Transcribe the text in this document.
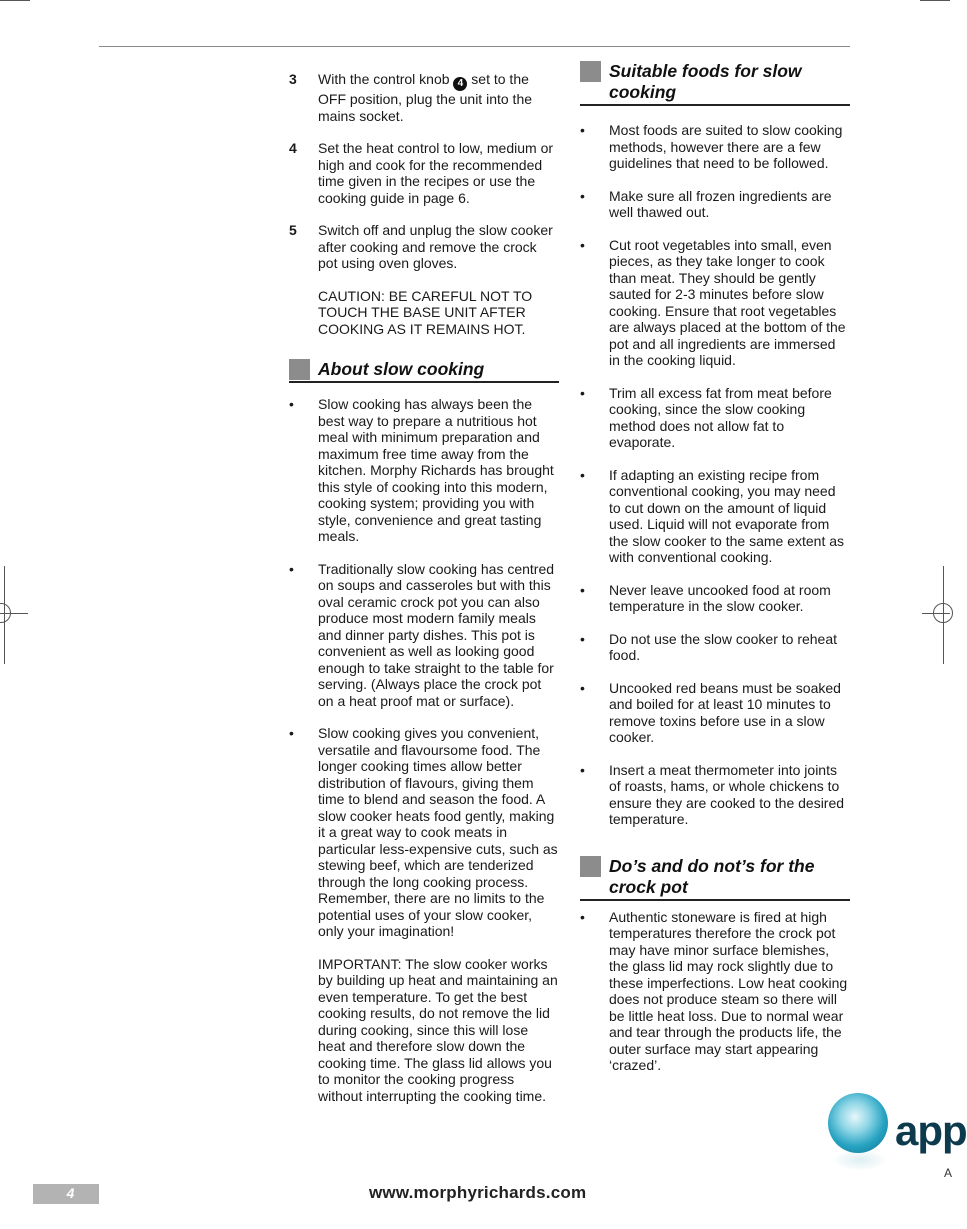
3	With the control knob 4 set to the OFF position, plug the unit into the mains socket.
4	Set the heat control to low, medium or high and cook for the recommended time given in the recipes or use the cooking guide in page 6.
5	Switch off and unplug the slow cooker after cooking and remove the crock pot using oven gloves.
CAUTION: BE CAREFUL NOT TO TOUCH THE BASE UNIT AFTER COOKING AS IT REMAINS HOT.
About slow cooking
•	Slow cooking has always been the best way to prepare a nutritious hot meal with minimum preparation and maximum free time away from the kitchen. Morphy Richards has brought this style of cooking into this modern, cooking system; providing you with style, convenience and great tasting meals.
•	Traditionally slow cooking has centred on soups and casseroles but with this oval ceramic crock pot you can also produce most modern family meals and dinner party dishes. This pot is convenient as well as looking good enough to take straight to the table for serving. (Always place the crock pot on a heat proof mat or surface).
•	Slow cooking gives you convenient, versatile and flavoursome food. The longer cooking times allow better distribution of flavours, giving them time to blend and season the food. A slow cooker heats food gently, making it a great way to cook meats in particular less-expensive cuts, such as stewing beef, which are tenderized through the long cooking process. Remember, there are no limits to the potential uses of your slow cooker, only your imagination!
IMPORTANT: The slow cooker works by building up heat and maintaining an even temperature. To get the best cooking results, do not remove the lid during cooking, since this will lose heat and therefore slow down the cooking time. The glass lid allows you to monitor the cooking progress without interrupting the cooking time.
Suitable foods for slow cooking
•	Most foods are suited to slow cooking methods, however there are a few guidelines that need to be followed.
•	Make sure all frozen ingredients are well thawed out.
•	Cut root vegetables into small, even pieces, as they take longer to cook than meat. They should be gently sauted for 2-3 minutes before slow cooking. Ensure that root vegetables are always placed at the bottom of the pot and all ingredients are immersed in the cooking liquid.
•	Trim all excess fat from meat before cooking, since the slow cooking method does not allow fat to evaporate.
•	If adapting an existing recipe from conventional cooking, you may need to cut down on the amount of liquid used. Liquid will not evaporate from the slow cooker to the same extent as with conventional cooking.
•	Never leave uncooked food at room temperature in the slow cooker.
•	Do not use the slow cooker to reheat food.
•	Uncooked red beans must be soaked and boiled for at least 10 minutes to remove toxins before use in a slow cooker.
•	Insert a meat thermometer into joints of roasts, hams, or whole chickens to ensure they are cooked to the desired temperature.
Do’s and do not’s for the crock pot
•	Authentic stoneware is fired at high temperatures therefore the crock pot may have minor surface blemishes, the glass lid may rock slightly due to these imperfections. Low heat cooking does not produce steam so there will be little heat loss. Due to normal wear and tear through the products life, the outer surface may start appearing ‘crazed’.
app
A
4	www.morphyrichards.com
